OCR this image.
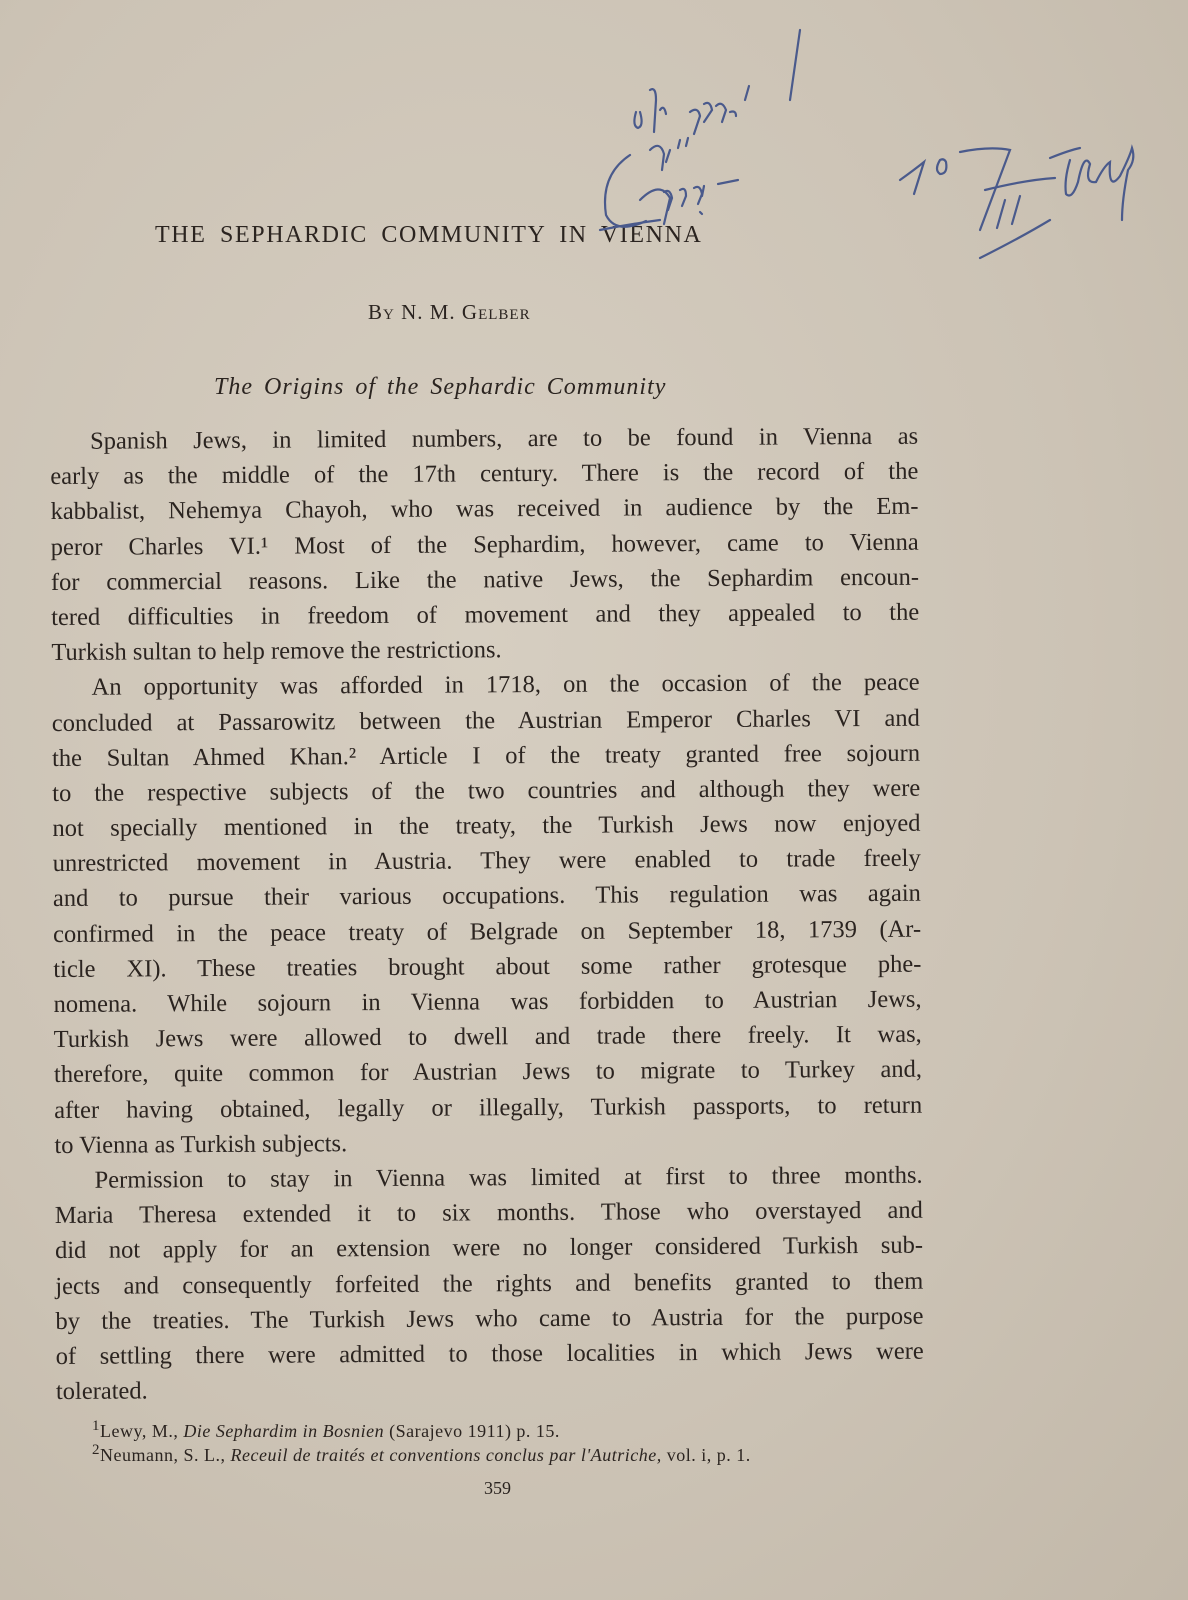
THE SEPHARDIC COMMUNITY IN VIENNA
By N. M. Gelber
The Origins of the Sephardic Community
Spanish Jews, in limited numbers, are to be found in Vienna as
early as the middle of the 17th century. There is the record of the
kabbalist, Nehemya Chayoh, who was received in audience by the Em-
peror Charles VI.¹ Most of the Sephardim, however, came to Vienna
for commercial reasons. Like the native Jews, the Sephardim encoun-
tered difficulties in freedom of movement and they appealed to the
Turkish sultan to help remove the restrictions.
An opportunity was afforded in 1718, on the occasion of the peace
concluded at Passarowitz between the Austrian Emperor Charles VI and
the Sultan Ahmed Khan.² Article I of the treaty granted free sojourn
to the respective subjects of the two countries and although they were
not specially mentioned in the treaty, the Turkish Jews now enjoyed
unrestricted movement in Austria. They were enabled to trade freely
and to pursue their various occupations. This regulation was again
confirmed in the peace treaty of Belgrade on September 18, 1739 (Ar-
ticle XI). These treaties brought about some rather grotesque phe-
nomena. While sojourn in Vienna was forbidden to Austrian Jews,
Turkish Jews were allowed to dwell and trade there freely. It was,
therefore, quite common for Austrian Jews to migrate to Turkey and,
after having obtained, legally or illegally, Turkish passports, to return
to Vienna as Turkish subjects.
Permission to stay in Vienna was limited at first to three months.
Maria Theresa extended it to six months. Those who overstayed and
did not apply for an extension were no longer considered Turkish sub-
jects and consequently forfeited the rights and benefits granted to them
by the treaties. The Turkish Jews who came to Austria for the purpose
of settling there were admitted to those localities in which Jews were
tolerated.
$^1$Lewy, M., Die Sephardim in Bosnien (Sarajevo 1911) p. 15.
$^2$Neumann, S. L., Receuil de traités et conventions conclus par l'Autriche, vol. i, p. 1.
359
